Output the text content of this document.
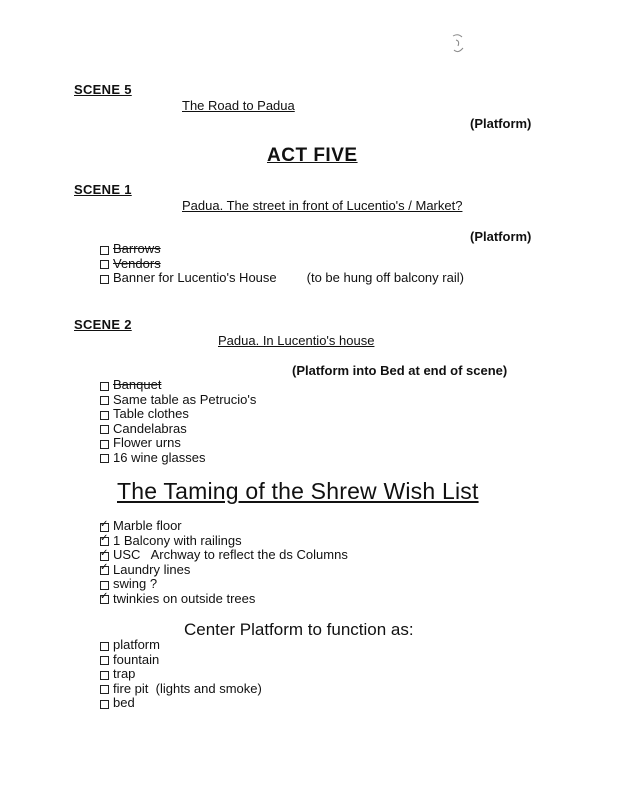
SCENE 5
The Road to Padua
(Platform)
ACT FIVE
SCENE 1
Padua. The street in front of Lucentio's / Market?
(Platform)
Barrows
Vendors
Banner for Lucentio's House (to be hung off balcony rail)
SCENE 2
Padua. In Lucentio's house
(Platform into Bed at end of scene)
Banquet
Same table as Petrucio's
Table clothes
Candelabras
Flower urns
16 wine glasses
The Taming of the Shrew Wish List
✓
Marble floor
✓
1 Balcony with railings
✓
USC   Archway to reflect the ds Columns
✓
Laundry lines
swing ?
✓
twinkies on outside trees
Center Platform to function as:
platform
fountain
trap
fire pit  (lights and smoke)
bed
